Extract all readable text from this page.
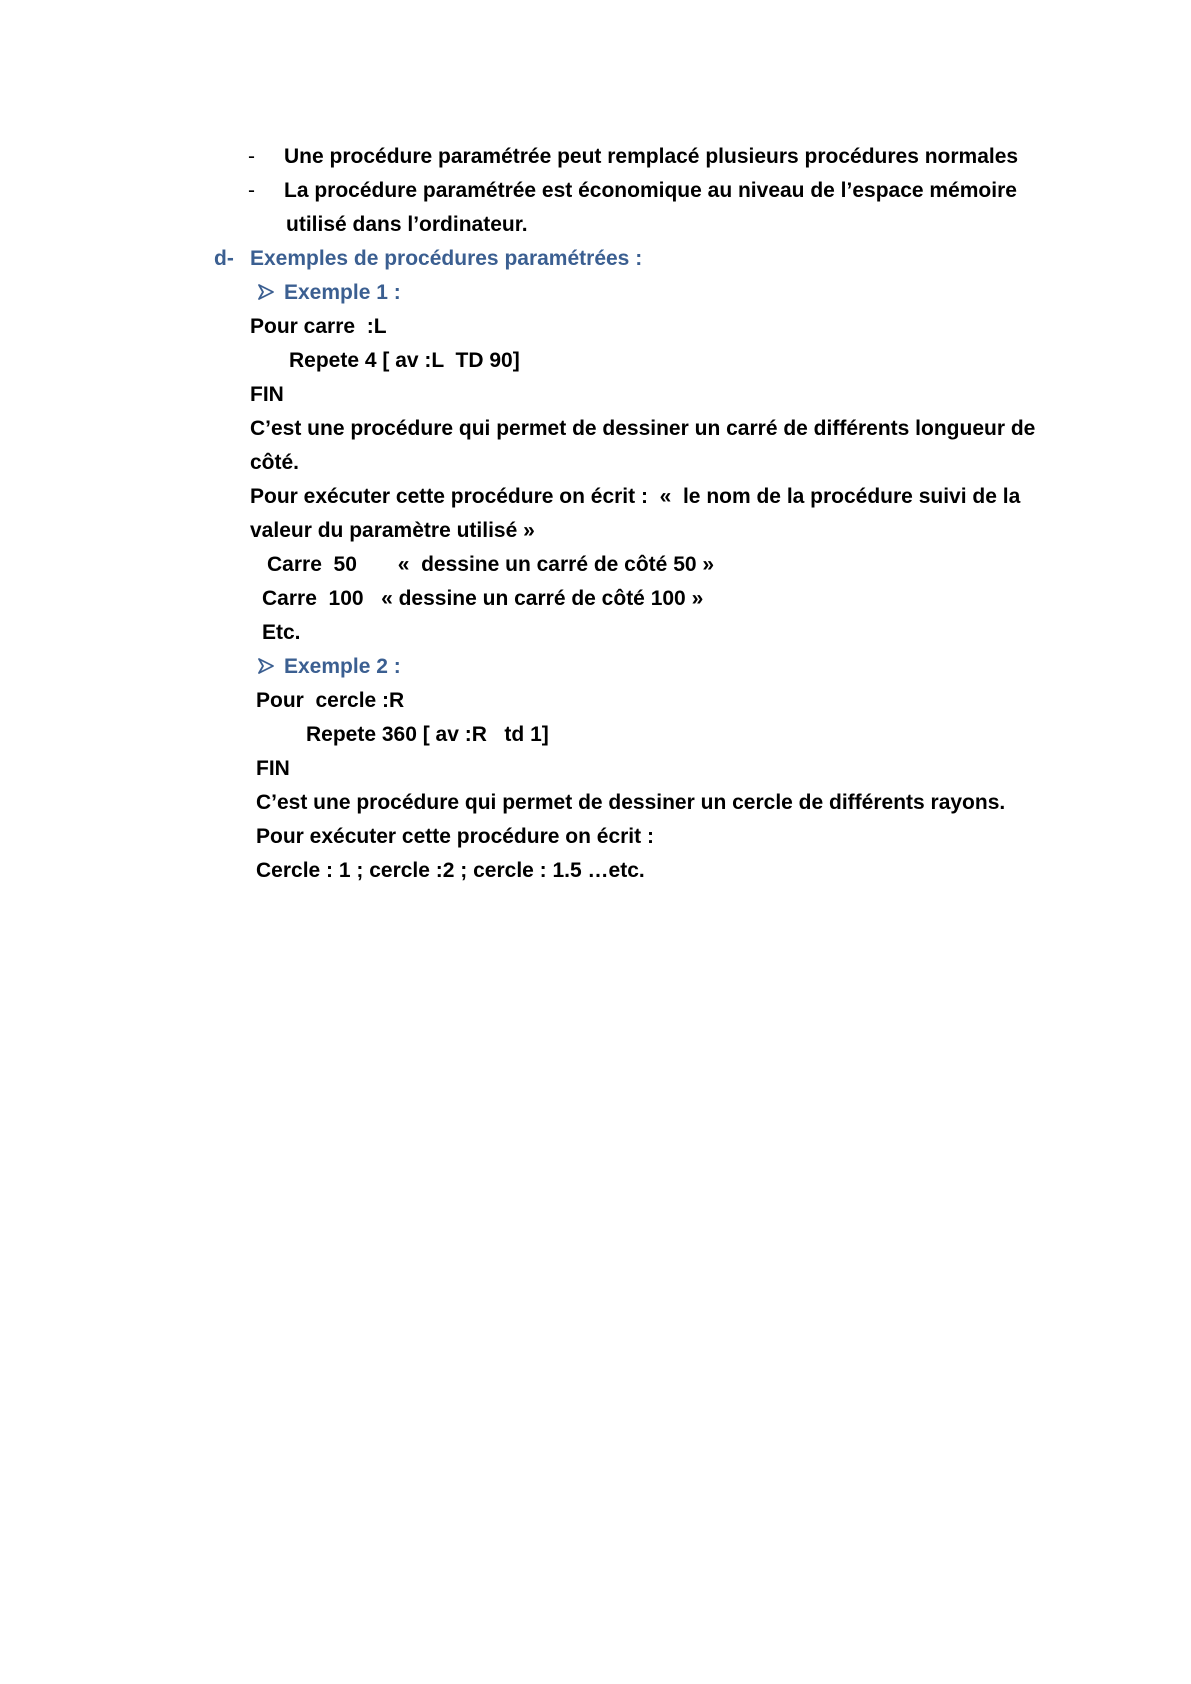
- Une procédure paramétrée peut remplacé plusieurs procédures normales
- La procédure paramétrée est économique au niveau de l’espace mémoire
utilisé dans l’ordinateur.
d- Exemples de procédures paramétrées :
Exemple 1 :
Pour carre  :L
Repete 4 [ av :L  TD 90]
FIN
C’est une procédure qui permet de dessiner un carré de différents longueur de
côté.
Pour exécuter cette procédure on écrit :  «  le nom de la procédure suivi de la
valeur du paramètre utilisé »
Carre  50       «  dessine un carré de côté 50 »
Carre  100   « dessine un carré de côté 100 »
Etc.
Exemple 2 :
Pour  cercle :R
Repete 360 [ av :R   td 1]
FIN
C’est une procédure qui permet de dessiner un cercle de différents rayons.
Pour exécuter cette procédure on écrit :
Cercle : 1 ; cercle :2 ; cercle : 1.5 …etc.
